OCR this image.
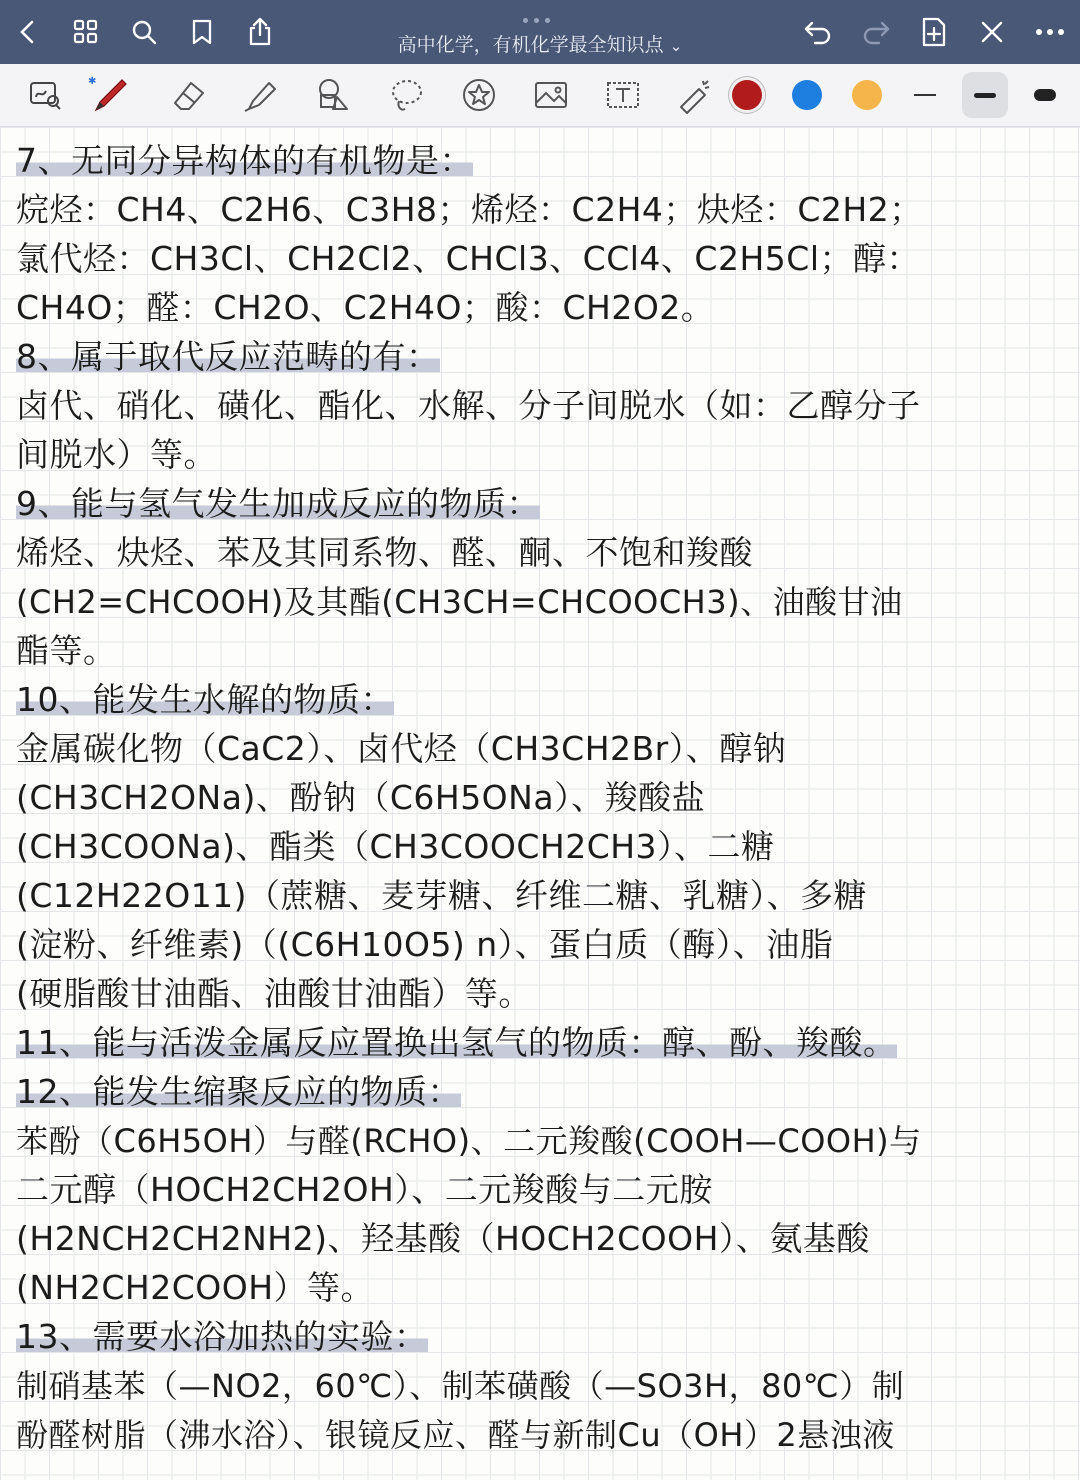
高中化学，有机化学最全知识点 ⌄
✱
7、无同分异构体的有机物是：
烷烃：CH4、C2H6、C3H8；烯烃：C2H4；炔烃：C2H2；
氯代烃：CH3Cl、CH2Cl2、CHCl3、CCl4、C2H5Cl；醇：
CH4O；醛：CH2O、C2H4O；酸：CH2O2。
8、属于取代反应范畴的有：
卤代、硝化、磺化、酯化、水解、分子间脱水（如：乙醇分子
间脱水）等。
9、能与氢气发生加成反应的物质：
烯烃、炔烃、苯及其同系物、醛、酮、不饱和羧酸
(CH2=CHCOOH)及其酯(CH3CH=CHCOOCH3)、油酸甘油
酯等。
10、能发生水解的物质：
金属碳化物（CaC2）、卤代烃（CH3CH2Br）、醇钠
(CH3CH2ONa)、酚钠（C6H5ONa）、羧酸盐
(CH3COONa)、酯类（CH3COOCH2CH3）、二糖
(C12H22O11)（蔗糖、麦芽糖、纤维二糖、乳糖）、多糖
(淀粉、纤维素)（(C6H10O5) n）、蛋白质（酶）、油脂
(硬脂酸甘油酯、油酸甘油酯）等。
11、能与活泼金属反应置换出氢气的物质：醇、酚、羧酸。
12、能发生缩聚反应的物质：
苯酚（C6H5OH）与醛(RCHO)、二元羧酸(COOH—COOH)与
二元醇（HOCH2CH2OH）、二元羧酸与二元胺
(H2NCH2CH2NH2)、羟基酸（HOCH2COOH）、氨基酸
(NH2CH2COOH）等。
13、需要水浴加热的实验：
制硝基苯（—NO2，60℃）、制苯磺酸（—SO3H，80℃）制
酚醛树脂（沸水浴）、银镜反应、醛与新制Cu（OH）2悬浊液
